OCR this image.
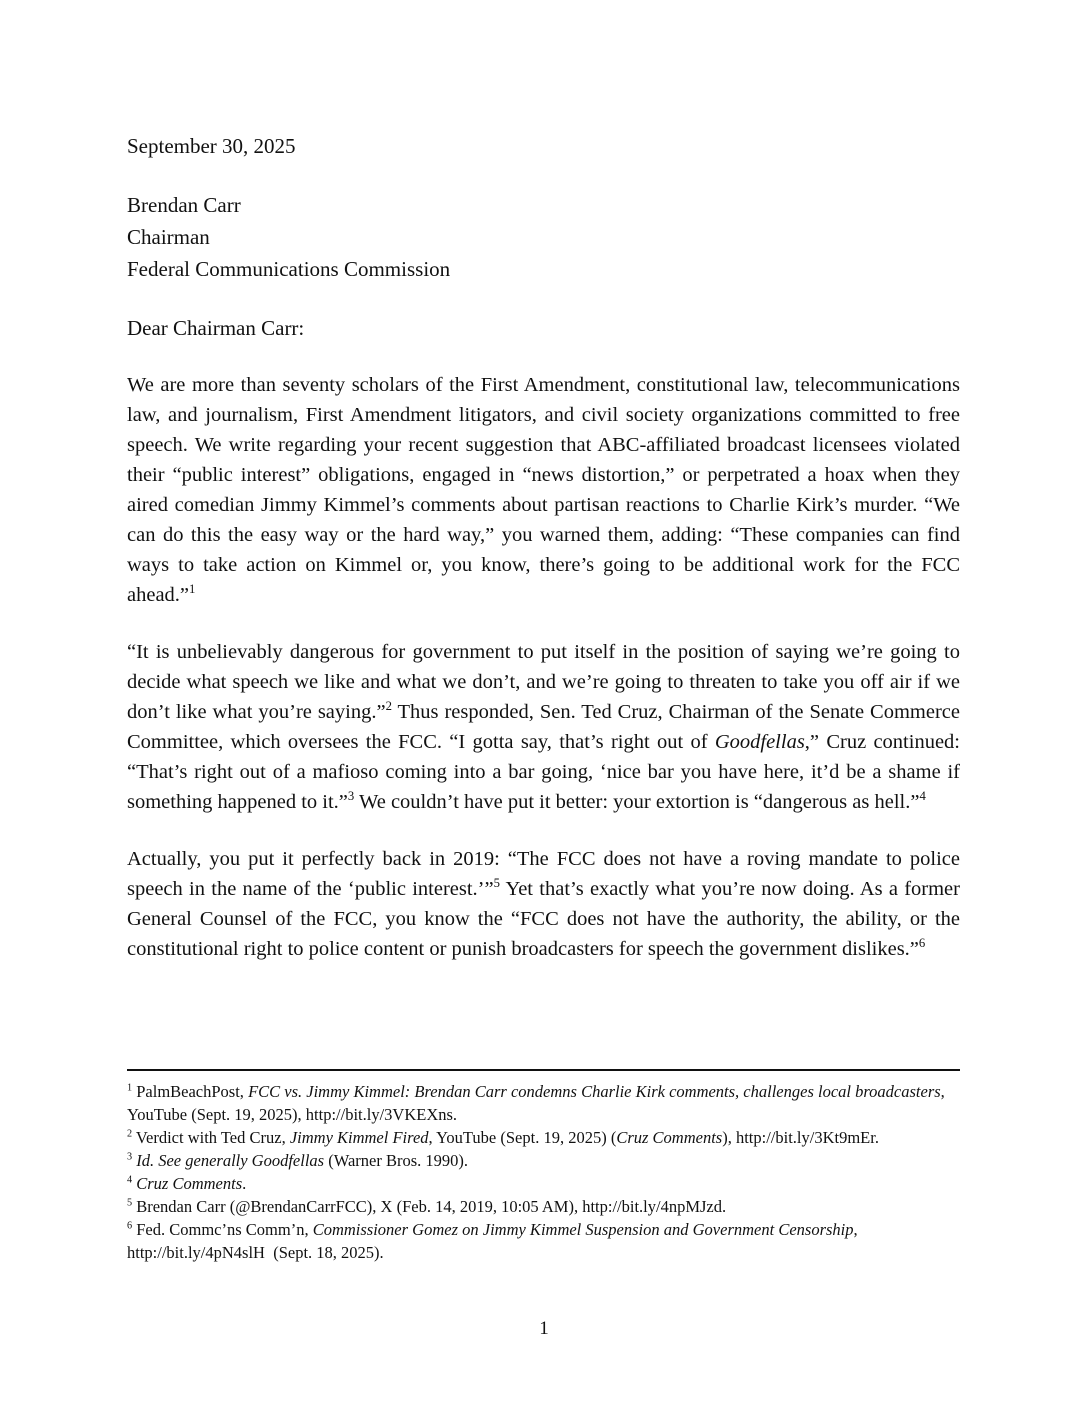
September 30, 2025

Brendan Carr

Chairman

Federal Communications Commission

Dear Chairman Carr:

We are more than seventy scholars of the First Amendment, constitutional law, telecommunications law, and journalism, First Amendment litigators, and civil society organizations committed to free speech. We write regarding your recent suggestion that ABC-affiliated broadcast licensees violated their “public interest” obligations, engaged in “news distortion,” or perpetrated a hoax when they aired comedian Jimmy Kimmel’s comments about partisan reactions to Charlie Kirk’s murder. “We can do this the easy way or the hard way,” you warned them, adding: “These companies can find ways to take action on Kimmel or, you know, there’s going to be additional work for the FCC ahead.”$^1$

“It is unbelievably dangerous for government to put itself in the position of saying we’re going to decide what speech we like and what we don’t, and we’re going to threaten to take you off air if we don’t like what you’re saying.”$^2$ Thus responded, Sen. Ted Cruz, Chairman of the Senate Commerce Committee, which oversees the FCC. “I gotta say, that’s right out of Goodfellas,” Cruz continued: “That’s right out of a mafioso coming into a bar going, ‘nice bar you have here, it’d be a shame if something happened to it.”$^3$ We couldn’t have put it better: your extortion is “dangerous as hell.”$^4$

Actually, you put it perfectly back in 2019: “The FCC does not have a roving mandate to police speech in the name of the ‘public interest.’”$^5$ Yet that’s exactly what you’re now doing. As a former General Counsel of the FCC, you know the “FCC does not have the authority, the ability, or the constitutional right to police content or punish broadcasters for speech the government dislikes.”$^6$

$^1$ PalmBeachPost, FCC vs. Jimmy Kimmel: Brendan Carr condemns Charlie Kirk comments, challenges local broadcasters, YouTube (Sept. 19, 2025), http://bit.ly/3VKEXns.

$^2$ Verdict with Ted Cruz, Jimmy Kimmel Fired, YouTube (Sept. 19, 2025) (Cruz Comments), http://bit.ly/3Kt9mEr.

$^3$ Id. See generally Goodfellas (Warner Bros. 1990).

$^4$ Cruz Comments.

$^5$ Brendan Carr (@BrendanCarrFCC), X (Feb. 14, 2019, 10:05 AM), http://bit.ly/4npMJzd.

$^6$ Fed. Commc’ns Comm’n, Commissioner Gomez on Jimmy Kimmel Suspension and Government Censorship, http://bit.ly/4pN4slH  (Sept. 18, 2025).

1
